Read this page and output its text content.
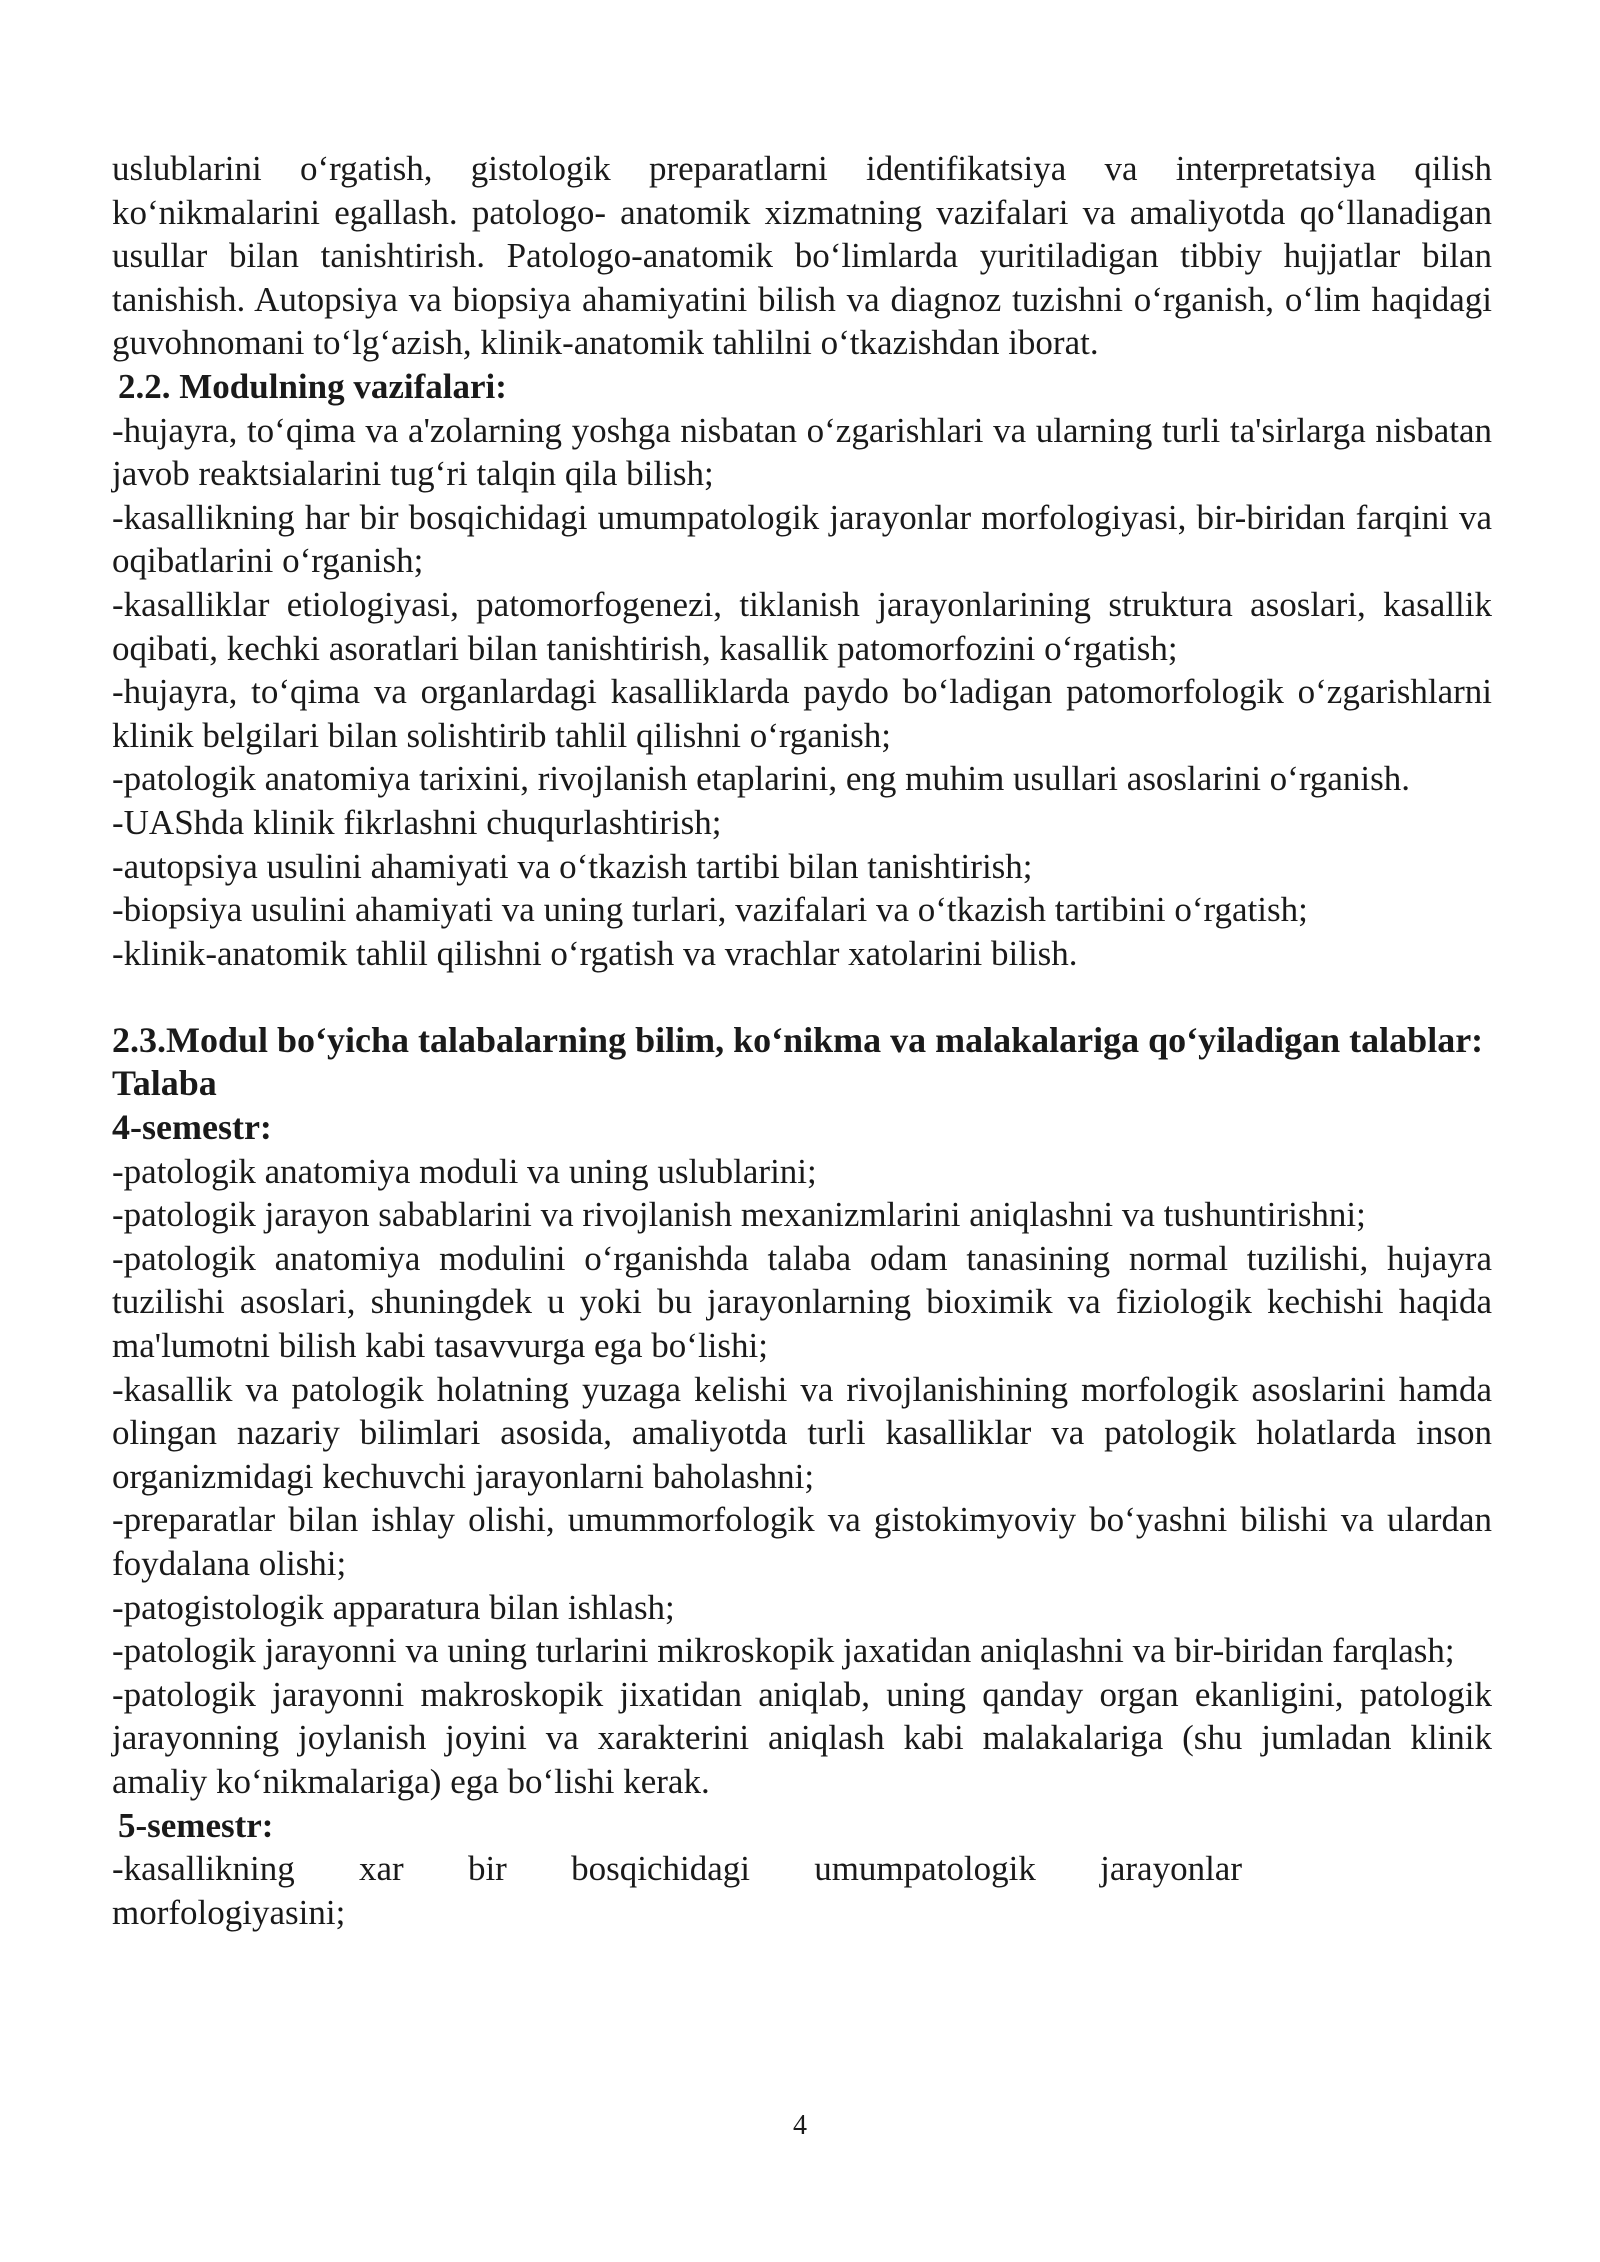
uslublarini o‘rgatish, gistologik preparatlarni identifikatsiya va interpretatsiya qilish ko‘nikmalarini egallash. patologo- anatomik xizmatning vazifalari va amaliyotda qo‘llanadigan usullar bilan tanishtirish. Patologo-anatomik bo‘limlarda yuritiladigan tibbiy hujjatlar bilan tanishish. Autopsiya va biopsiya ahamiyatini bilish va diagnoz tuzishni o‘rganish, o‘lim haqidagi guvohnomani to‘lg‘azish, klinik-anatomik tahlilni o‘tkazishdan iborat.

2.2. Modulning vazifalari:

-hujayra, to‘qima va a'zolarning yoshga nisbatan o‘zgarishlari va ularning turli ta'sirlarga nisbatan javob reaktsialarini tug‘ri talqin qila bilish;

-kasallikning har bir bosqichidagi umumpatologik jarayonlar morfologiyasi, bir-biridan farqini va oqibatlarini o‘rganish;

-kasalliklar etiologiyasi, patomorfogenezi, tiklanish jarayonlarining struktura asoslari, kasallik oqibati, kechki asoratlari bilan tanishtirish, kasallik patomorfozini o‘rgatish;

-hujayra, to‘qima va organlardagi kasalliklarda paydo bo‘ladigan patomorfologik o‘zgarishlarni klinik belgilari bilan solishtirib tahlil qilishni o‘rganish;

-patologik anatomiya tarixini, rivojlanish etaplarini, eng muhim usullari asoslarini o‘rganish.

-UAShda klinik fikrlashni chuqurlashtirish;

-autopsiya usulini ahamiyati va o‘tkazish tartibi bilan tanishtirish;

-biopsiya usulini ahamiyati va uning turlari, vazifalari va o‘tkazish tartibini o‘rgatish;

-klinik-anatomik tahlil qilishni o‘rgatish va vrachlar xatolarini bilish.

2.3.Modul bo‘yicha talabalarning bilim, ko‘nikma va malakalariga qo‘yiladigan talablar:

Talaba

4-semestr:

-patologik anatomiya moduli va uning uslublarini;

-patologik jarayon sabablarini va rivojlanish mexanizmlarini aniqlashni va tushuntirishni;

-patologik anatomiya modulini o‘rganishda talaba odam tanasining normal tuzilishi, hujayra tuzilishi asoslari, shuningdek u yoki bu jarayonlarning bioximik va fiziologik kechishi haqida ma'lumotni bilish kabi tasavvurga ega bo‘lishi;

-kasallik va patologik holatning yuzaga kelishi va rivojlanishining morfologik asoslarini hamda olingan nazariy bilimlari asosida, amaliyotda turli kasalliklar va patologik holatlarda inson organizmidagi kechuvchi jarayonlarni baholashni;

-preparatlar bilan ishlay olishi, umummorfologik va gistokimyoviy bo‘yashni bilishi va ulardan foydalana olishi;

-patogistologik apparatura bilan ishlash;

-patologik jarayonni va uning turlarini mikroskopik jaxatidan aniqlashni va bir-biridan farqlash;

-patologik jarayonni makroskopik jixatidan aniqlab, uning qanday organ ekanligini, patologik jarayonning joylanish joyini va xarakterini aniqlash kabi malakalariga (shu jumladan klinik amaliy ko‘nikmalariga) ega bo‘lishi kerak.

5-semestr:

-kasallikning xar bir bosqichidagi umumpatologik jarayonlar morfologiyasini;

4
